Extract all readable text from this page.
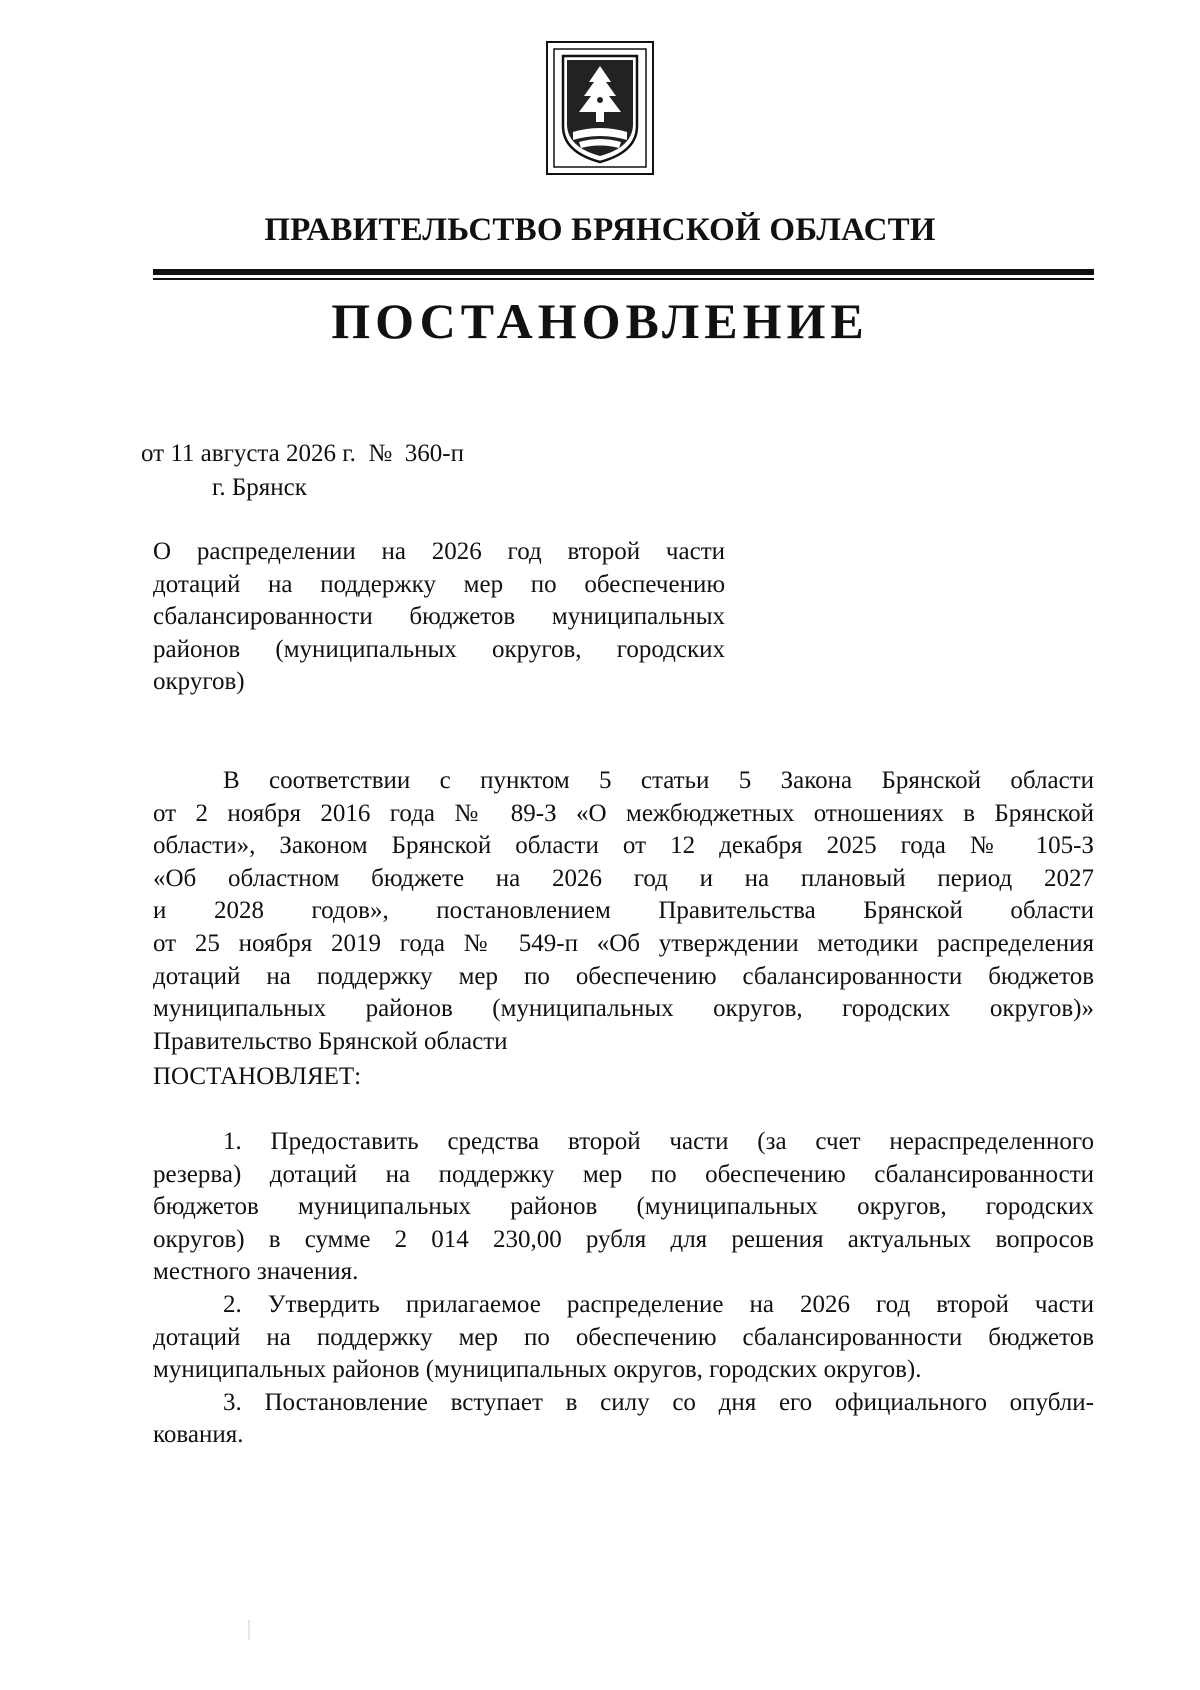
ПРАВИТЕЛЬСТВО БРЯНСКОЙ ОБЛАСТИ
ПОСТАНОВЛЕНИЕ
от 11 августа 2026 г.  №  360-п
г. Брянск
О распределении на 2026 год второй части
дотаций на поддержку мер по обеспечению
сбалансированности бюджетов муниципальных
районов (муниципальных округов, городских
округов)
В соответствии с пунктом 5 статьи 5 Закона Брянской области
от 2 ноября 2016 года № 89-З «О межбюджетных отношениях в Брянской
области», Законом Брянской области от 12 декабря 2025 года № 105-З
«Об областном бюджете на 2026 год и на плановый период 2027
и 2028 годов», постановлением Правительства Брянской области
от 25 ноября 2019 года № 549-п «Об утверждении методики распределения
дотаций на поддержку мер по обеспечению сбалансированности бюджетов
муниципальных районов (муниципальных округов, городских округов)»
Правительство Брянской области
ПОСТАНОВЛЯЕТ:
1. Предоставить средства второй части (за счет нераспределенного
резерва) дотаций на поддержку мер по обеспечению сбалансированности
бюджетов муниципальных районов (муниципальных округов, городских
округов) в сумме 2 014 230,00 рубля для решения актуальных вопросов
местного значения.
2. Утвердить прилагаемое распределение на 2026 год второй части
дотаций на поддержку мер по обеспечению сбалансированности бюджетов
муниципальных районов (муниципальных округов, городских округов).
3. Постановление вступает в силу со дня его официального опубли-
кования.
